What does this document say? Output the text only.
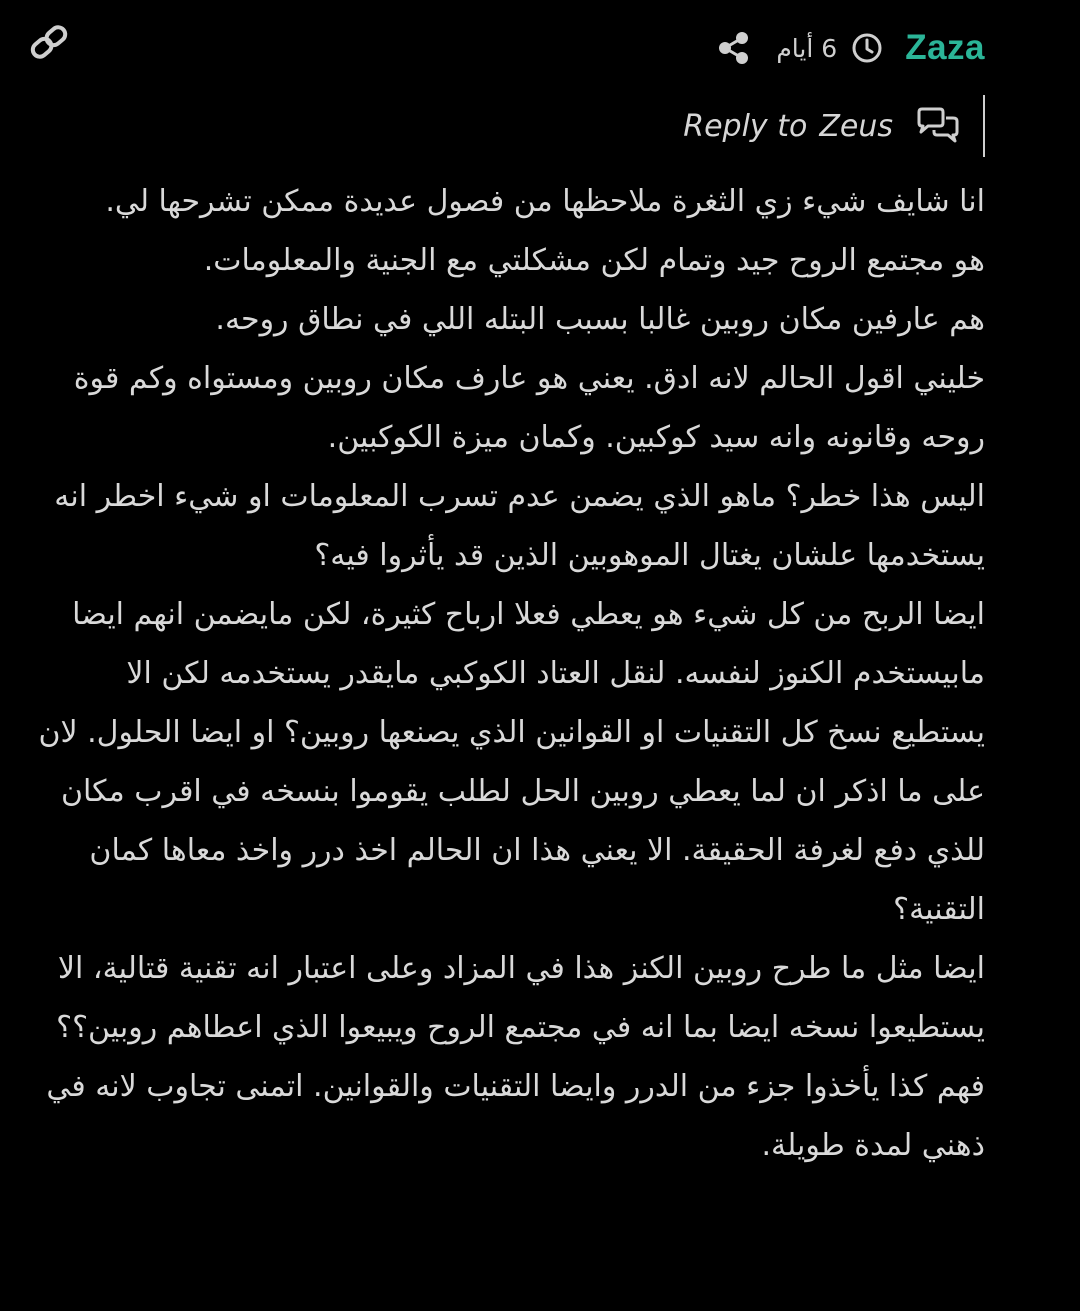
6 أيام Zaza
Reply to Zeus

انا شايف شيء زي الثغرة ملاحظها من فصول عديدة ممكن تشرحها لي.

هو مجتمع الروح جيد وتمام لكن مشكلتي مع الجنية والمعلومات.

هم عارفين مكان روبين غالبا بسبب البتله اللي في نطاق روحه.

خليني اقول الحالم لانه ادق. يعني هو عارف مكان روبين ومستواه وكم قوة روحه وقانونه وانه سيد كوكبين. وكمان ميزة الكوكبين.

اليس هذا خطر؟ ماهو الذي يضمن عدم تسرب المعلومات او شيء اخطر انه يستخدمها علشان يغتال الموهوبين الذين قد يأثروا فيه؟

ايضا الربح من كل شيء هو يعطي فعلا ارباح كثيرة، لكن مايضمن انهم ايضا مابيستخدم الكنوز لنفسه. لنقل العتاد الكوكبي مايقدر يستخدمه لكن الا يستطيع نسخ كل التقنيات او القوانين الذي يصنعها روبين؟ او ايضا الحلول. لان على ما اذكر ان لما يعطي روبين الحل لطلب يقوموا بنسخه في اقرب مكان للذي دفع لغرفة الحقيقة. الا يعني هذا ان الحالم اخذ درر واخذ معاها كمان التقنية؟

ايضا مثل ما طرح روبين الكنز هذا في المزاد وعلى اعتبار انه تقنية قتالية، الا يستطيعوا نسخه ايضا بما انه في مجتمع الروح ويبيعوا الذي اعطاهم روبين؟؟ فهم كذا يأخذوا جزء من الدرر وايضا التقنيات والقوانين. اتمنى تجاوب لانه في ذهني لمدة طويلة.
